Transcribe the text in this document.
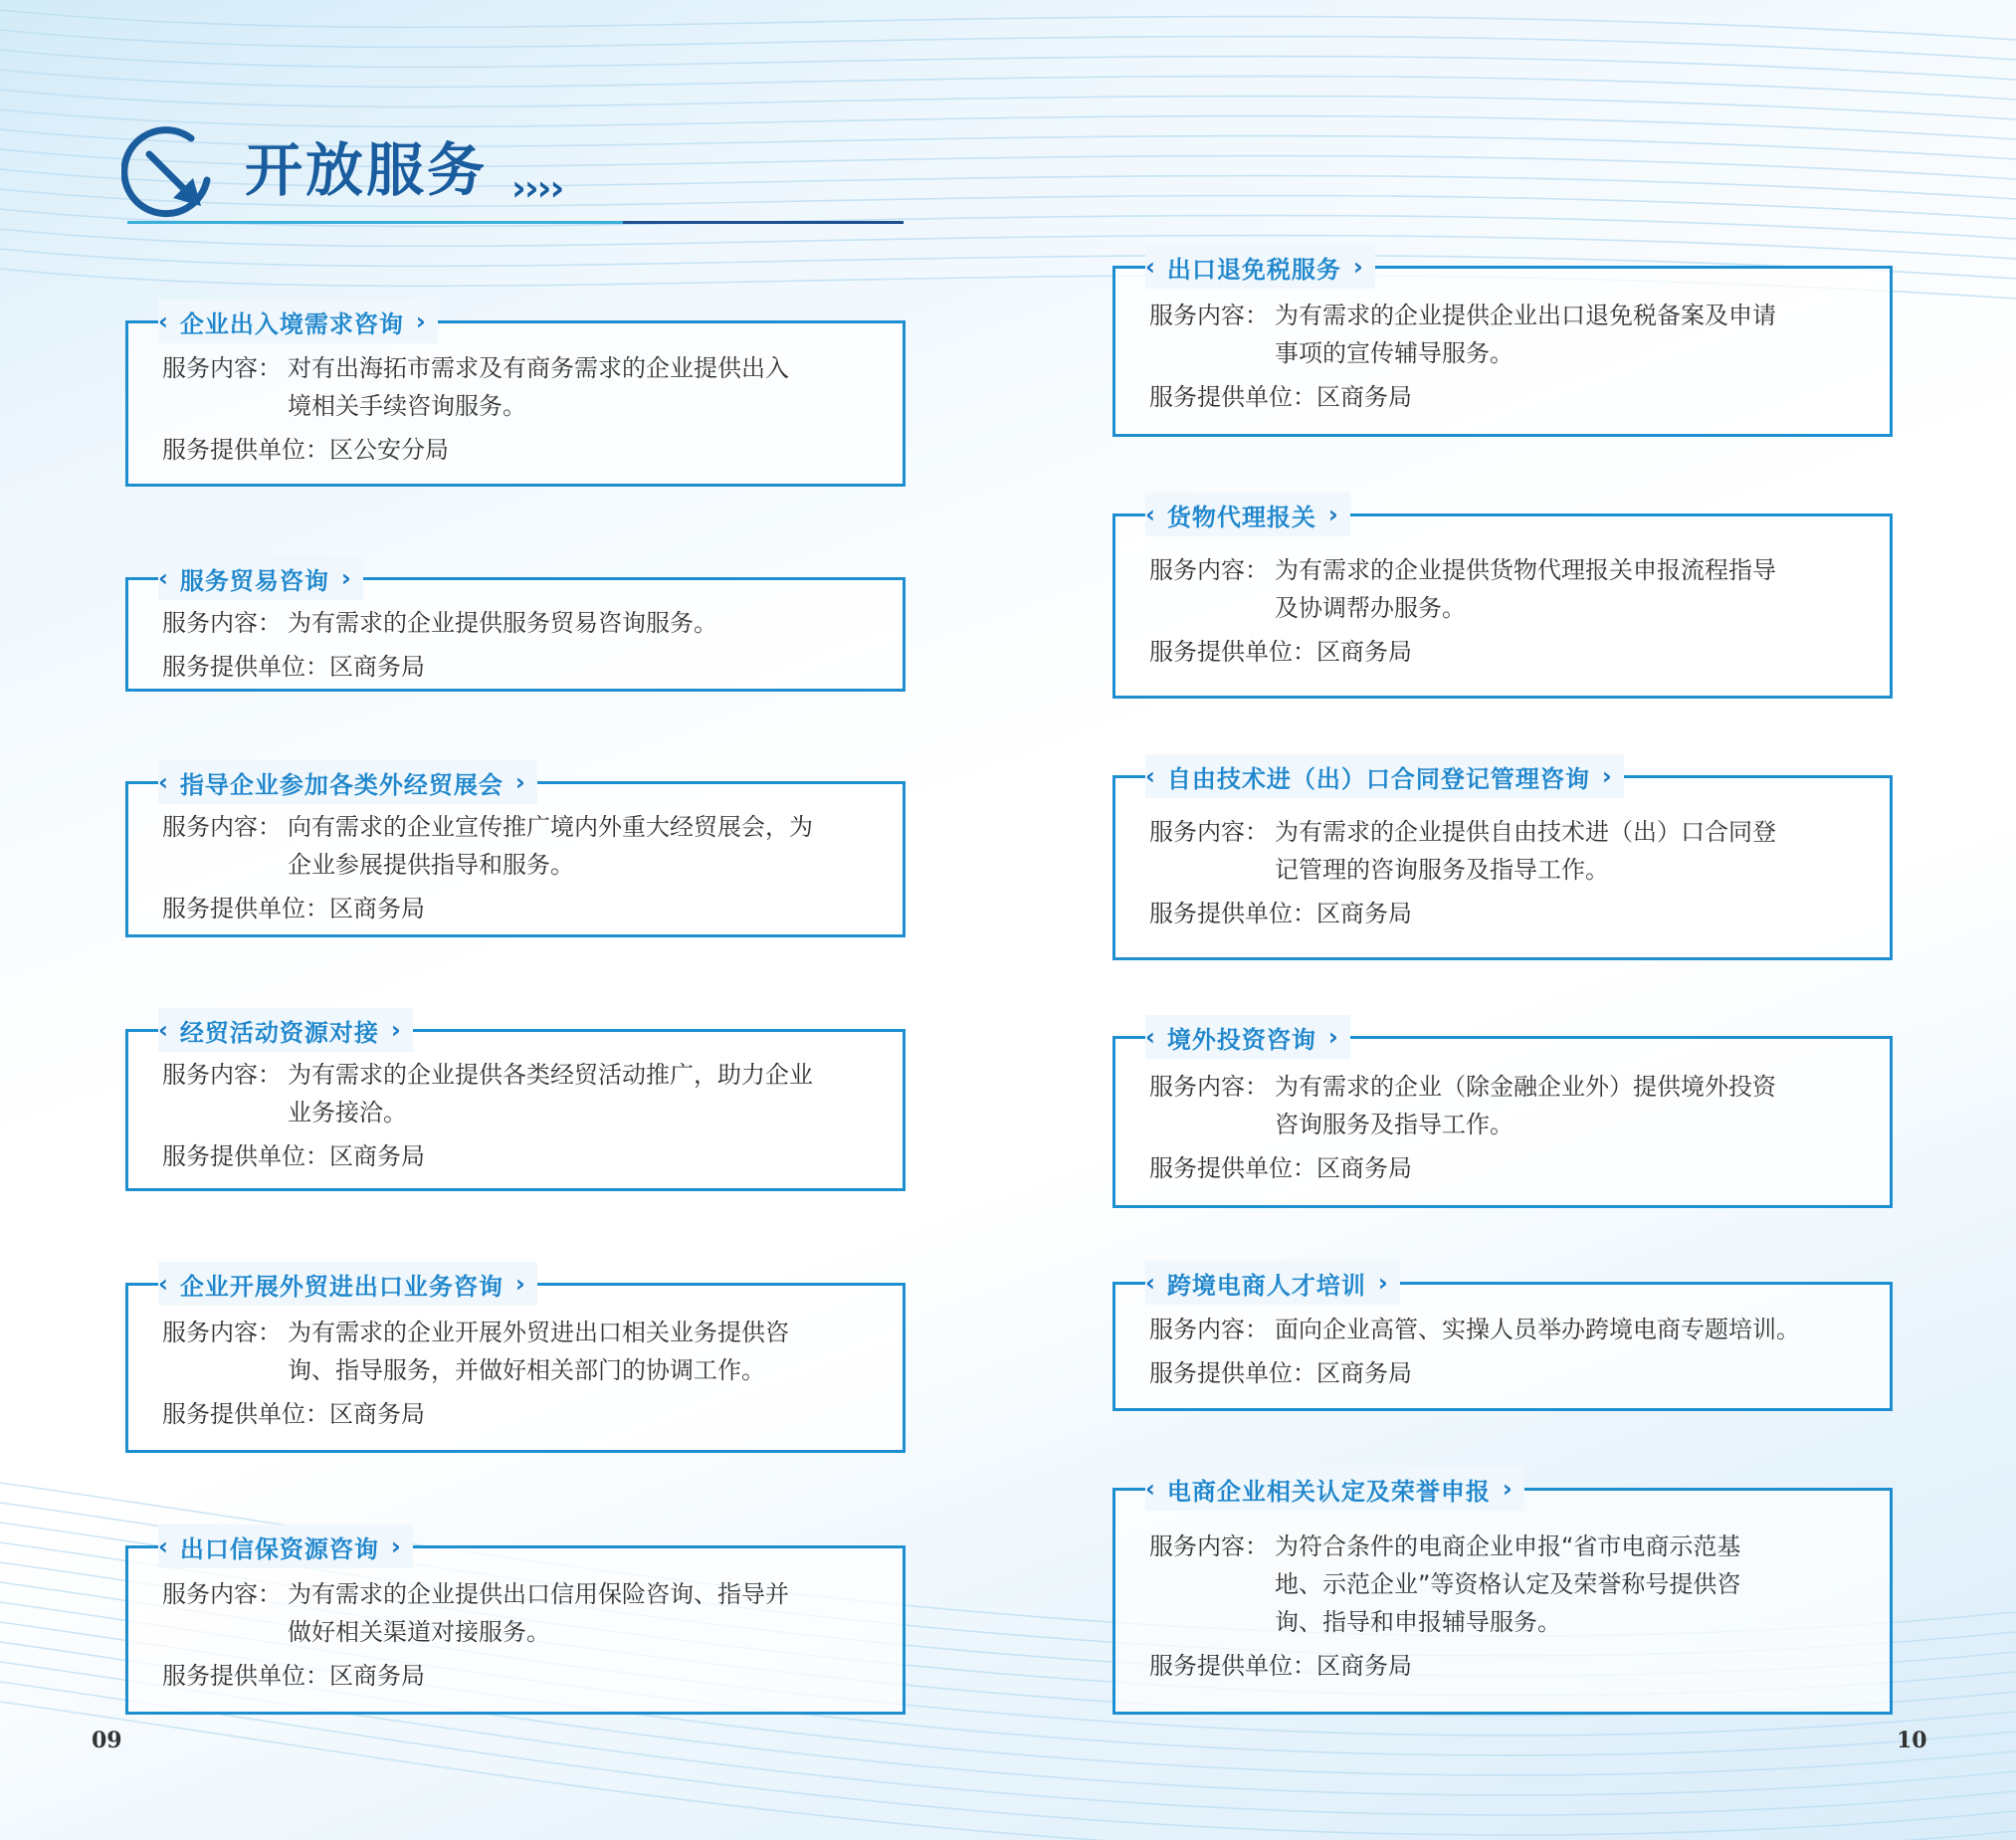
开放服务 ››››
‹ 企业出入境需求咨询 ›
服务内容： 对有出海拓市需求及有商务需求的企业提供出入
境相关手续咨询服务。
服务提供单位： 区公安分局
‹ 服务贸易咨询 ›
服务内容： 为有需求的企业提供服务贸易咨询服务。
服务提供单位： 区商务局
‹ 指导企业参加各类外经贸展会 ›
服务内容： 向有需求的企业宣传推广境内外重大经贸展会，为
企业参展提供指导和服务。
服务提供单位： 区商务局
‹ 经贸活动资源对接 ›
服务内容： 为有需求的企业提供各类经贸活动推广，助力企业
业务接洽。
服务提供单位： 区商务局
‹ 企业开展外贸进出口业务咨询 ›
服务内容： 为有需求的企业开展外贸进出口相关业务提供咨
询、指导服务，并做好相关部门的协调工作。
服务提供单位： 区商务局
‹ 出口信保资源咨询 ›
服务内容： 为有需求的企业提供出口信用保险咨询、指导并
做好相关渠道对接服务。
服务提供单位： 区商务局
‹ 出口退免税服务 ›
服务内容： 为有需求的企业提供企业出口退免税备案及申请
事项的宣传辅导服务。
服务提供单位： 区商务局
‹ 货物代理报关 ›
服务内容： 为有需求的企业提供货物代理报关申报流程指导
及协调帮办服务。
服务提供单位： 区商务局
‹ 自由技术进（出）口合同登记管理咨询 ›
服务内容： 为有需求的企业提供自由技术进（出）口合同登
记管理的咨询服务及指导工作。
服务提供单位： 区商务局
‹ 境外投资咨询 ›
服务内容： 为有需求的企业（除金融企业外）提供境外投资
咨询服务及指导工作。
服务提供单位： 区商务局
‹ 跨境电商人才培训 ›
服务内容： 面向企业高管、实操人员举办跨境电商专题培训。
服务提供单位： 区商务局
‹ 电商企业相关认定及荣誉申报 ›
服务内容： 为符合条件的电商企业申报“省市电商示范基
地、示范企业”等资格认定及荣誉称号提供咨
询、指导和申报辅导服务。
服务提供单位： 区商务局
09	10
